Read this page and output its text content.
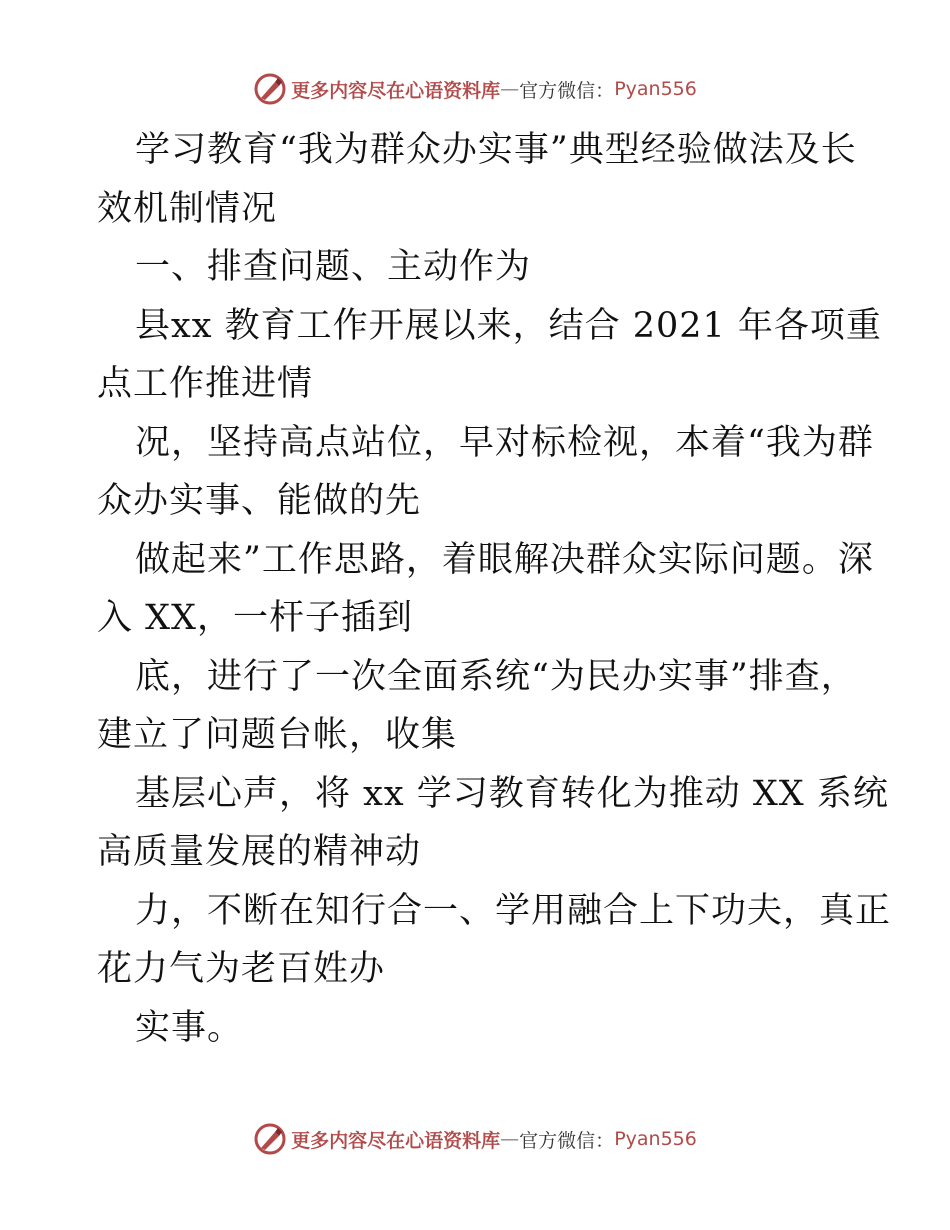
更多内容尽在心语资料库 — 官方微信： Pyan556
学习教育“我为群众办实事”典型经验做法及长
效机制情况
一、排查问题、主动作为
县xx 教育工作开展以来，结合 2021 年各项重
点工作推进情
况，坚持高点站位，早对标检视，本着“我为群
众办实事、能做的先
做起来”工作思路，着眼解决群众实际问题。深
入 XX，一杆子插到
底，进行了一次全面系统“为民办实事”排查，
建立了问题台帐，收集
基层心声，将 xx 学习教育转化为推动 XX 系统
高质量发展的精神动
力，不断在知行合一、学用融合上下功夫，真正
花力气为老百姓办
实事。
更多内容尽在心语资料库 — 官方微信： Pyan556
